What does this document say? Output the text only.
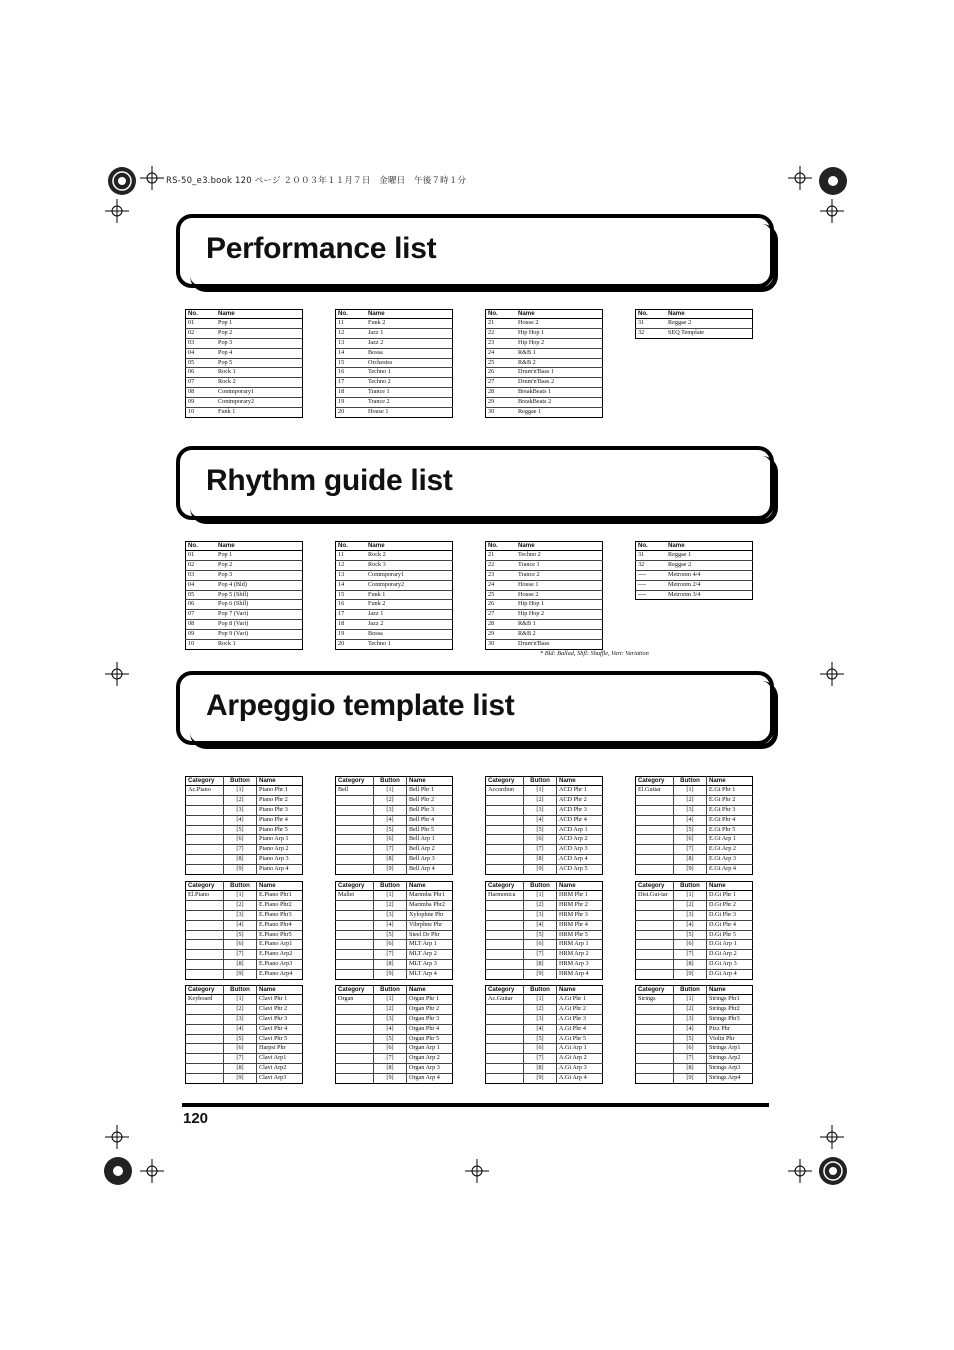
RS-50_e3.book 120 ページ ２００３年１１月７日　金曜日　午後７時１分
Performance list
No.	Name
01	Pop 1
02	Pop 2
03	Pop 3
04	Pop 4
05	Pop 5
06	Rock 1
07	Rock 2
08	Contmporary1
09	Contmporary2
10	Funk 1
No.	Name
11	Funk 2
12	Jazz 1
13	Jazz 2
14	Bossa
15	Orchestra
16	Techno 1
17	Techno 2
18	Trance 1
19	Trance 2
20	House 1
No.	Name
21	House 2
22	Hip Hop 1
23	Hip Hop 2
24	R&B 1
25	R&B 2
26	Drum'n'Bass 1
27	Drum'n'Bass 2
28	BreakBeats 1
29	BreakBeats 2
30	Reggae 1
No.	Name
31	Reggae 2
32	SEQ Template
Rhythm guide list
No.	Name
01	Pop 1
02	Pop 2
03	Pop 3
04	Pop 4 (Bld)
05	Pop 5 (Shfl)
06	Pop 6 (Shfl)
07	Pop 7 (Vari)
08	Pop 8 (Vari)
09	Pop 9 (Vari)
10	Rock 1
No.	Name
11	Rock 2
12	Rock 3
13	Contmporary1
14	Contmporary2
15	Funk 1
16	Funk 2
17	Jazz 1
18	Jazz 2
19	Bossa
20	Techno 1
No.	Name
21	Techno 2
22	Trance 1
23	Trance 2
24	House 1
25	House 2
26	Hip Hop 1
27	Hip Hop 2
28	R&B 1
29	R&B 2
30	Drum'n'Bass
No.	Name
31	Reggae 1
32	Reggae 2
----	Metronm 4/4
----	Metronm 2/4
----	Metronm 3/4
* Bld: Ballad, Shfl: Shuffle, Vari: Variation
Arpeggio template list
Category	Button	Name
Ac.Piano	[1]	Piano Phr 1
	[2]	Piano Phr 2
	[3]	Piano Phr 3
	[4]	Piano Phr 4
	[5]	Piano Phr 5
	[6]	Piano Arp 1
	[7]	Piano Arp 2
	[8]	Piano Arp 3
	[9]	Piano Arp 4
Category	Button	Name
Bell	[1]	Bell Phr 1
	[2]	Bell Phr 2
	[3]	Bell Phr 3
	[4]	Bell Phr 4
	[5]	Bell Phr 5
	[6]	Bell Arp 1
	[7]	Bell Arp 2
	[8]	Bell Arp 3
	[9]	Bell Arp 4
Category	Button	Name
Accordion	[1]	ACD Phr 1
	[2]	ACD Phr 2
	[3]	ACD Phr 3
	[4]	ACD Phr 4
	[5]	ACD Arp 1
	[6]	ACD Arp 2
	[7]	ACD Arp 3
	[8]	ACD Arp 4
	[9]	ACD Arp 5
Category	Button	Name
El.Guitar	[1]	E.Gt Phr 1
	[2]	E.Gt Phr 2
	[3]	E.Gt Phr 3
	[4]	E.Gt Phr 4
	[5]	E.Gt Phr 5
	[6]	E.Gt Arp 1
	[7]	E.Gt Arp 2
	[8]	E.Gt Arp 3
	[9]	E.Gt Arp 4
Category	Button	Name
El.Piano	[1]	E.Piano Phr1
	[2]	E.Piano Phr2
	[3]	E.Piano Phr3
	[4]	E.Piano Phr4
	[5]	E.Piano Phr5
	[6]	E.Piano Arp1
	[7]	E.Piano Arp2
	[8]	E.Piano Arp3
	[9]	E.Piano Arp4
Category	Button	Name
Mallet	[1]	Marimba Phr1
	[2]	Marimba Phr2
	[3]	Xylophne Phr
	[4]	Vibrphne Phr
	[5]	Steel Dr Phr
	[6]	MLT Arp 1
	[7]	MLT Arp 2
	[8]	MLT Arp 3
	[9]	MLT Arp 4
Category	Button	Name
Harmonica	[1]	HRM Phr 1
	[2]	HRM Phr 2
	[3]	HRM Phr 3
	[4]	HRM Phr 4
	[5]	HRM Phr 5
	[6]	HRM Arp 1
	[7]	HRM Arp 2
	[8]	HRM Arp 3
	[9]	HRM Arp 4
Category	Button	Name
Dist.Gui-tar	[1]	D.Gt Phr 1
	[2]	D.Gt Phr 2
	[3]	D.Gt Phr 3
	[4]	D.Gt Phr 4
	[5]	D.Gt Phr 5
	[6]	D.Gt Arp 1
	[7]	D.Gt Arp 2
	[8]	D.Gt Arp 3
	[9]	D.Gt Arp 4
Category	Button	Name
Keyboard	[1]	Clavi Phr 1
	[2]	Clavi Phr 2
	[3]	Clavi Phr 3
	[4]	Clavi Phr 4
	[5]	Clavi Phr 5
	[6]	Harpsi Phr
	[7]	Clavi Arp1
	[8]	Clavi Arp2
	[9]	Clavi Arp3
Category	Button	Name
Organ	[1]	Organ Phr 1
	[2]	Organ Phr 2
	[3]	Organ Phr 3
	[4]	Organ Phr 4
	[5]	Organ Phr 5
	[6]	Organ Arp 1
	[7]	Organ Arp 2
	[8]	Organ Arp 3
	[9]	Organ Arp 4
Category	Button	Name
Ac.Guitar	[1]	A.Gt Phr 1
	[2]	A.Gt Phr 2
	[3]	A.Gt Phr 3
	[4]	A.Gt Phr 4
	[5]	A.Gt Phr 5
	[6]	A.Gt Arp 1
	[7]	A.Gt Arp 2
	[8]	A.Gt Arp 3
	[9]	A.Gt Arp 4
Category	Button	Name
Strings	[1]	Strings Phr1
	[2]	Strings Phr2
	[3]	Strings Phr3
	[4]	Pizz Phr
	[5]	Violin Phr
	[6]	Strings Arp1
	[7]	Strings Arp2
	[8]	Strings Arp3
	[9]	Strings Arp4
120
